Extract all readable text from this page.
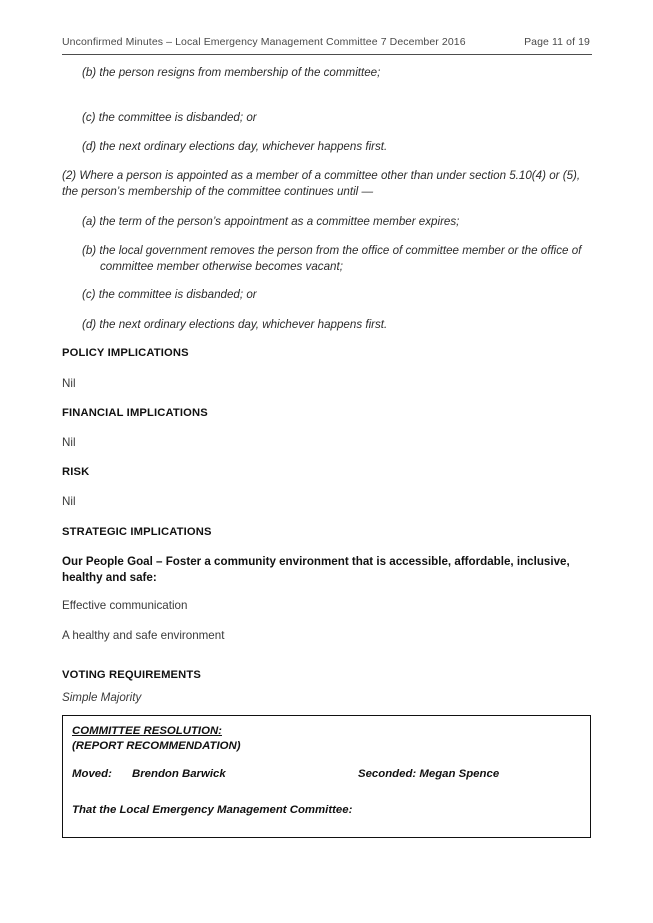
Unconfirmed Minutes – Local Emergency Management Committee 7 December 2016	Page 11 of 19
(b) the person resigns from membership of the committee;
(c) the committee is disbanded; or
(d) the next ordinary elections day, whichever happens first.
(2) Where a person is appointed as a member of a committee other than under section 5.10(4) or (5), the person’s membership of the committee continues until —
(a) the term of the person’s appointment as a committee member expires;
(b) the local government removes the person from the office of committee member or the office of committee member otherwise becomes vacant;
(c) the committee is disbanded; or
(d) the next ordinary elections day, whichever happens first.
POLICY IMPLICATIONS
Nil
FINANCIAL IMPLICATIONS
Nil
RISK
Nil
STRATEGIC IMPLICATIONS
Our People Goal – Foster a community environment that is accessible, affordable, inclusive, healthy and safe:
Effective communication
A healthy and safe environment
VOTING REQUIREMENTS
Simple Majority
COMMITTEE RESOLUTION:
(REPORT RECOMMENDATION)
Moved: Brendon Barwick	Seconded: Megan Spence
That the Local Emergency Management Committee:
